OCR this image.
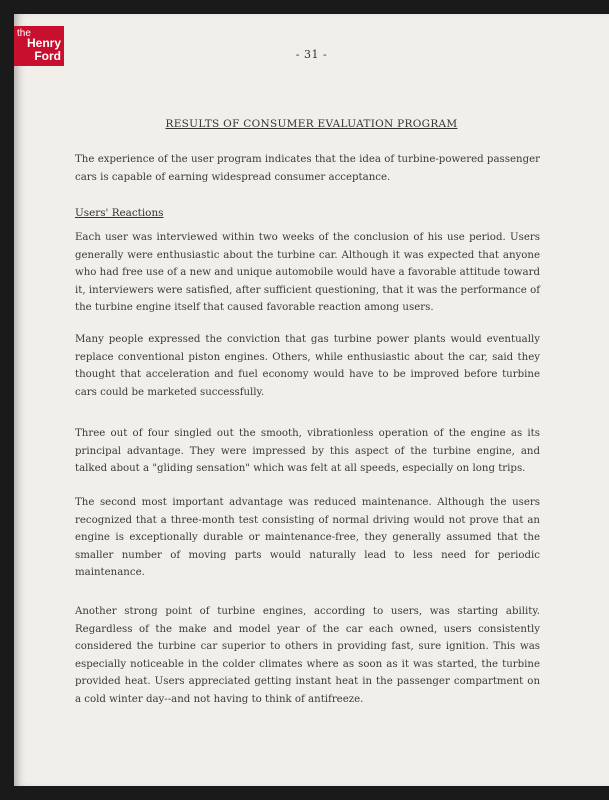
the
Henry
Ford	- 31 -
RESULTS OF CONSUMER EVALUATION PROGRAM

The experience of the user program indicates that the idea of turbine-powered passenger cars is capable of earning widespread consumer acceptance.

Users' Reactions

Each user was interviewed within two weeks of the conclusion of his use period. Users generally were enthusiastic about the turbine car. Although it was expected that anyone who had free use of a new and unique automobile would have a favorable attitude toward it, interviewers were satisfied, after sufficient questioning, that it was the performance of the turbine engine itself that caused favorable reaction among users.

Many people expressed the conviction that gas turbine power plants would eventually replace conventional piston engines. Others, while enthusiastic about the car, said they thought that acceleration and fuel economy would have to be improved before turbine cars could be marketed successfully.

Three out of four singled out the smooth, vibrationless operation of the engine as its principal advantage. They were impressed by this aspect of the turbine engine, and talked about a "gliding sensation" which was felt at all speeds, especially on long trips.

The second most important advantage was reduced maintenance. Although the users recognized that a three-month test consisting of normal driving would not prove that an engine is exceptionally durable or maintenance-free, they generally assumed that the smaller number of moving parts would naturally lead to less need for periodic maintenance.

Another strong point of turbine engines, according to users, was starting ability. Regardless of the make and model year of the car each owned, users consistently considered the turbine car superior to others in providing fast, sure ignition. This was especially noticeable in the colder climates where as soon as it was started, the turbine provided heat. Users appreciated getting instant heat in the passenger compartment on a cold winter day--and not having to think of antifreeze.
